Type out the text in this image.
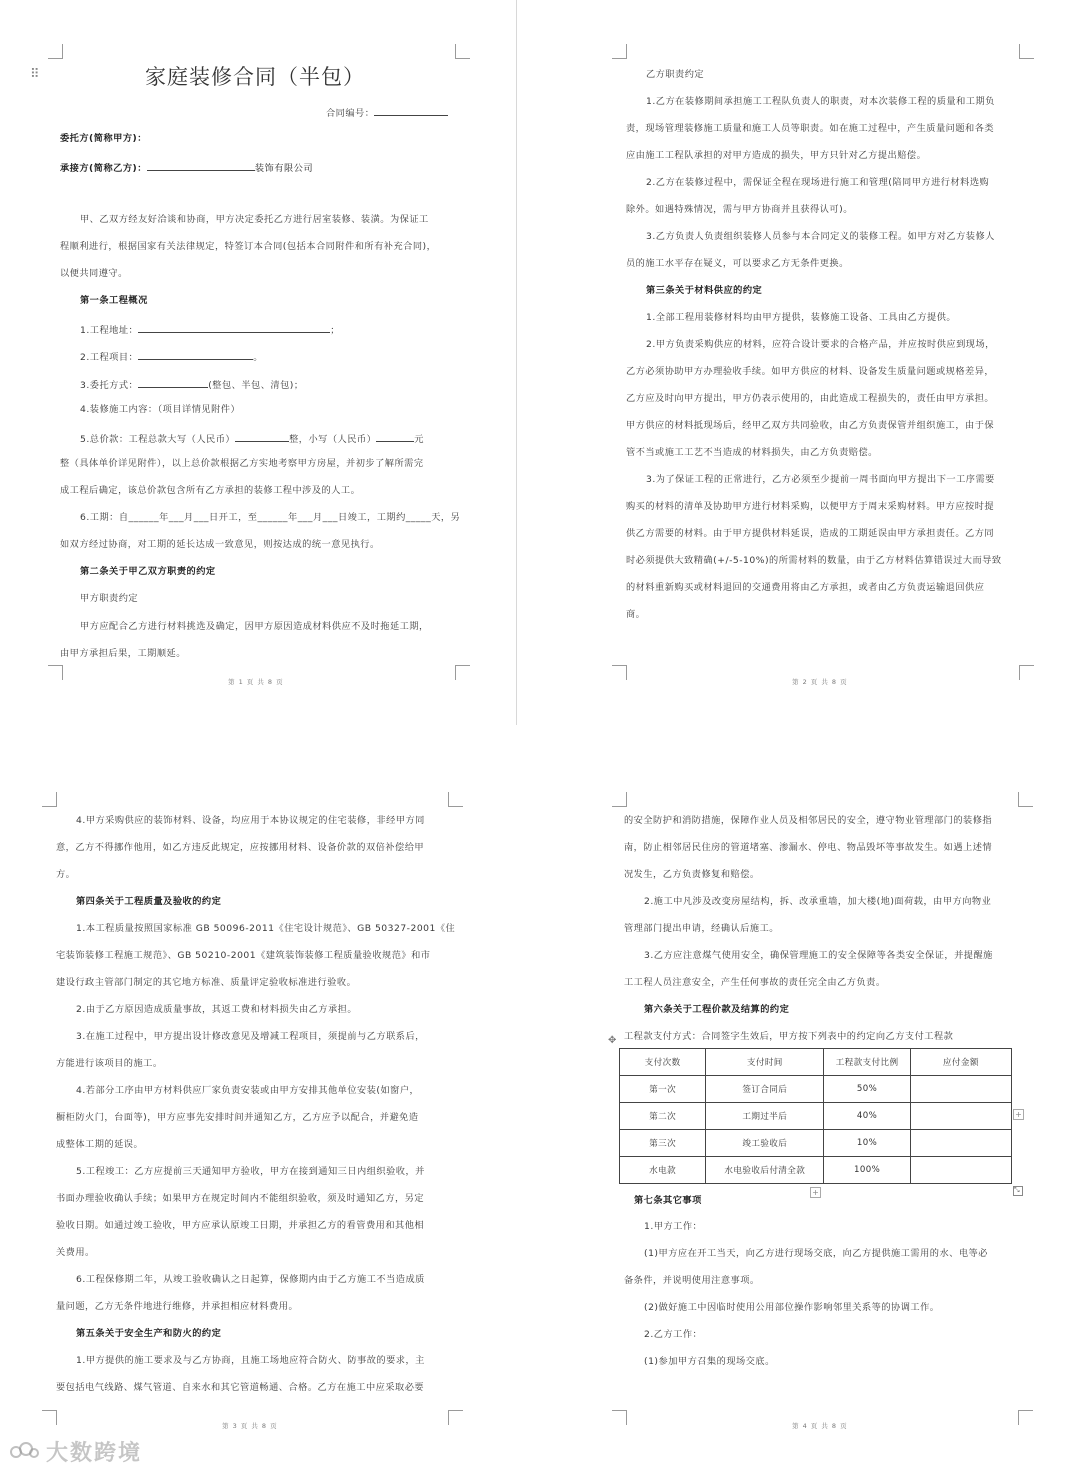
⠿	家庭装修合同（半包）
合同编号：
委托方(简称甲方)：
承接方(简称乙方)：	装饰有限公司
甲、乙双方经友好洽谈和协商，甲方决定委托乙方进行居室装修、装潢。为保证工
程顺利进行，根据国家有关法律规定，特签订本合同(包括本合同附件和所有补充合同)，
以便共同遵守。
第一条工程概况
1.工程地址：	；
2.工程项目：	。
3.委托方式：	(整包、半包、清包)；
4.装修施工内容：（项目详情见附件）
5.总价款：工程总款大写（人民币）	整，小写（人民币）	元
整（具体单价详见附件），以上总价款根据乙方实地考察甲方房屋，并初步了解所需完
成工程后确定，该总价款包含所有乙方承担的装修工程中涉及的人工。
6.工期：自______年___月___日开工，至______年___月___日竣工，工期约_____天，另
如双方经过协商，对工期的延长达成一致意见，则按达成的统一意见执行。
第二条关于甲乙双方职责的约定
甲方职责约定
甲方应配合乙方进行材料挑选及确定，因甲方原因造成材料供应不及时拖延工期，
由甲方承担后果，工期顺延。
第 1 页 共 8 页
乙方职责约定
1.乙方在装修期间承担施工工程队负责人的职责，对本次装修工程的质量和工期负
责，现场管理装修施工质量和施工人员等职责。如在施工过程中，产生质量问题和各类
应由施工工程队承担的对甲方造成的损失，甲方只针对乙方提出赔偿。
2.乙方在装修过程中，需保证全程在现场进行施工和管理(陪同甲方进行材料选购
除外。如遇特殊情况，需与甲方协商并且获得认可)。
3.乙方负责人负责组织装修人员参与本合同定义的装修工程。如甲方对乙方装修人
员的施工水平存在疑义，可以要求乙方无条件更换。
第三条关于材料供应的约定
1.全部工程用装修材料均由甲方提供，装修施工设备、工具由乙方提供。
2.甲方负责采购供应的材料，应符合设计要求的合格产品，并应按时供应到现场，
乙方必须协助甲方办理验收手续。如甲方供应的材料、设备发生质量问题或规格差异，
乙方应及时向甲方提出，甲方仍表示使用的，由此造成工程损失的，责任由甲方承担。
甲方供应的材料抵现场后，经甲乙双方共同验收，由乙方负责保管并组织施工，由于保
管不当或施工工艺不当造成的材料损失，由乙方负责赔偿。
3.为了保证工程的正常进行，乙方必须至少提前一周书面向甲方提出下一工序需要
购买的材料的清单及协助甲方进行材料采购，以便甲方于周末采购材料。甲方应按时提
供乙方需要的材料。由于甲方提供材料延误，造成的工期延误由甲方承担责任。乙方同
时必须提供大致精确(+/-5-10%)的所需材料的数量，由于乙方材料估算错误过大而导致
的材料重新购买或材料退回的交通费用将由乙方承担，或者由乙方负责运输退回供应
商。
第 2 页 共 8 页
4.甲方采购供应的装饰材料、设备，均应用于本协议规定的住宅装修，非经甲方同
意，乙方不得挪作他用，如乙方违反此规定，应按挪用材料、设备价款的双倍补偿给甲
方。
第四条关于工程质量及验收的约定
1.本工程质量按照国家标准 GB 50096-2011《住宅设计规范》、GB 50327-2001《住
宅装饰装修工程施工规范》、GB 50210-2001《建筑装饰装修工程质量验收规范》和市
建设行政主管部门制定的其它地方标准、质量评定验收标准进行验收。
2.由于乙方原因造成质量事故，其返工费和材料损失由乙方承担。
3.在施工过程中，甲方提出设计修改意见及增减工程项目，须提前与乙方联系后，
方能进行该项目的施工。
4.若部分工序由甲方材料供应厂家负责安装或由甲方安排其他单位安装(如窗户，
橱柜防火门，台面等)，甲方应事先安排时间并通知乙方，乙方应予以配合，并避免造
成整体工期的延误。
5.工程竣工：乙方应提前三天通知甲方验收，甲方在接到通知三日内组织验收，并
书面办理验收确认手续；如果甲方在规定时间内不能组织验收，须及时通知乙方，另定
验收日期。如通过竣工验收，甲方应承认原竣工日期，并承担乙方的看管费用和其他相
关费用。
6.工程保修期二年，从竣工验收确认之日起算，保修期内由于乙方施工不当造成质
量问题，乙方无条件地进行维修，并承担相应材料费用。
第五条关于安全生产和防火的约定
1.甲方提供的施工要求及与乙方协商，且施工场地应符合防火、防事故的要求，主
要包括电气线路、煤气管道、自来水和其它管道畅通、合格。乙方在施工中应采取必要
第 3 页 共 8 页
的安全防护和消防措施，保障作业人员及相邻居民的安全，遵守物业管理部门的装修指
南，防止相邻居民住房的管道堵塞、渗漏水、停电、物品毁坏等事故发生。如遇上述情
况发生，乙方负责修复和赔偿。
2.施工中凡涉及改变房屋结构，拆、改承重墙，加大楼(地)面荷载，由甲方向物业
管理部门提出申请，经确认后施工。
3.乙方应注意煤气使用安全，确保管理施工的安全保障等各类安全保证，并提醒施
工工程人员注意安全，产生任何事故的责任完全由乙方负责。
第六条关于工程价款及结算的约定
工程款支付方式：合同签字生效后，甲方按下列表中的约定向乙方支付工程款
第七条其它事项
1.甲方工作：
(1)甲方应在开工当天，向乙方进行现场交底，向乙方提供施工需用的水、电等必
备条件，并说明使用注意事项。
(2)做好施工中因临时使用公用部位操作影响邻里关系等的协调工作。
2.乙方工作：
(1)参加甲方召集的现场交底。
第 4 页 共 8 页
✥
支付次数	支付时间	工程款支付比例	应付金额
第一次	签订合同后	50%	
第二次	工期过半后	40%	
第三次	竣工验收后	10%	
水电款	水电验收后付清全款	100%	
+
+	⤡
大数跨境
